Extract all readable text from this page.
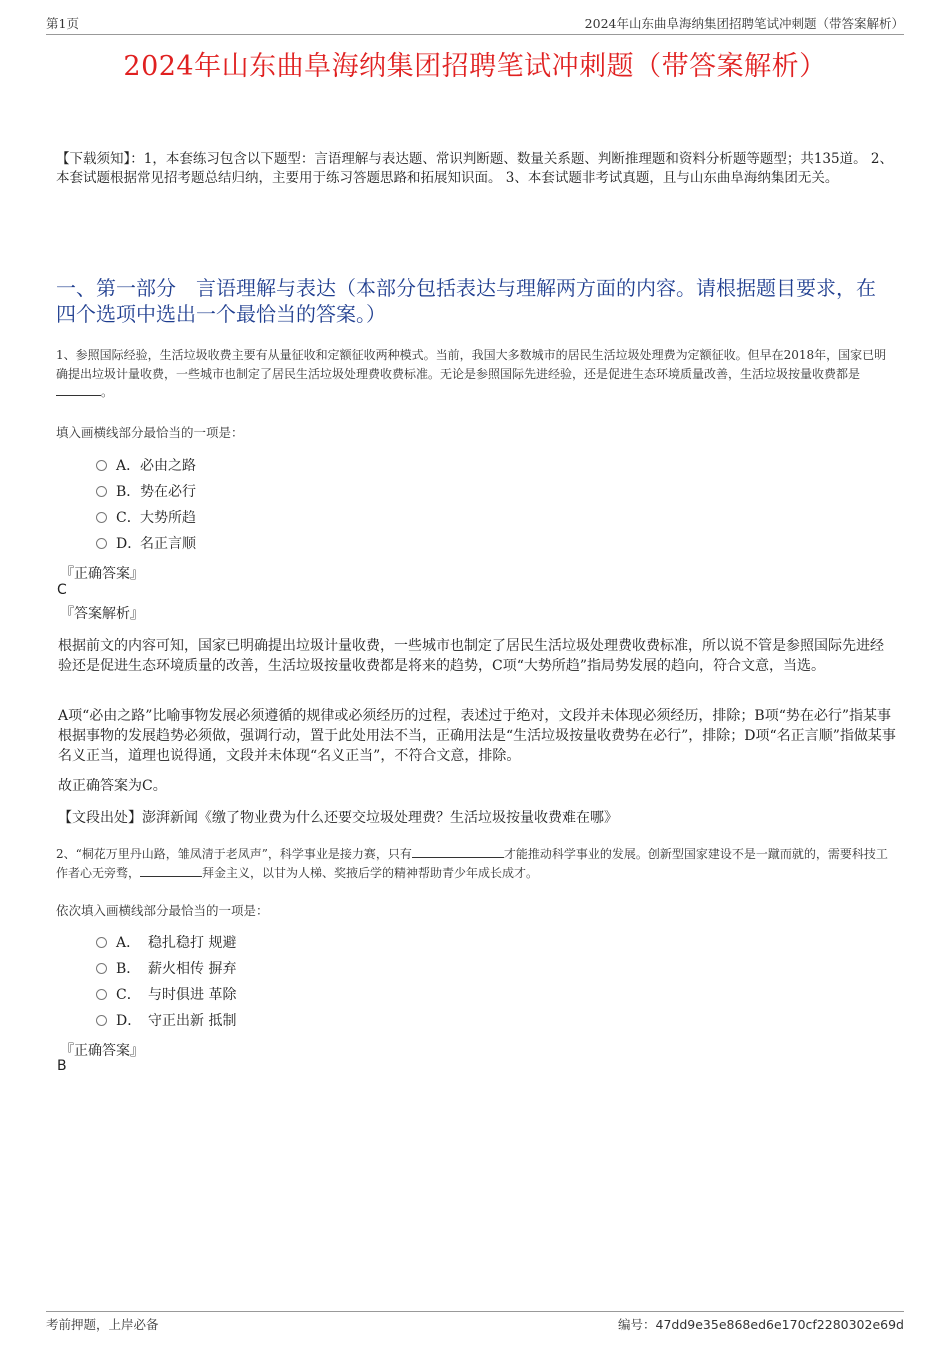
第1页	2024年山东曲阜海纳集团招聘笔试冲刺题（带答案解析）
2024年山东曲阜海纳集团招聘笔试冲刺题（带答案解析）
【下载须知】：1，本套练习包含以下题型：言语理解与表达题、常识判断题、数量关系题、判断推理题和资料分析题等题型；共135道。 2、本套试题根据常见招考题总结归纳，主要用于练习答题思路和拓展知识面。 3、本套试题非考试真题，且与山东曲阜海纳集团无关。
一、第一部分　言语理解与表达（本部分包括表达与理解两方面的内容。请根据题目要求，在四个选项中选出一个最恰当的答案。）
1、参照国际经验，生活垃圾收费主要有从量征收和定额征收两种模式。当前，我国大多数城市的居民生活垃圾处理费为定额征收。但早在2018年，国家已明确提出垃圾计量收费，一些城市也制定了居民生活垃圾处理费收费标准。无论是参照国际先进经验，还是促进生态环境质量改善，生活垃圾按量收费都是。
填入画横线部分最恰当的一项是：
A．必由之路
B．势在必行
C．大势所趋
D．名正言顺
『正确答案』
C
『答案解析』
根据前文的内容可知，国家已明确提出垃圾计量收费，一些城市也制定了居民生活垃圾处理费收费标准，所以说不管是参照国际先进经验还是促进生态环境质量的改善，生活垃圾按量收费都是将来的趋势，C项“大势所趋”指局势发展的趋向，符合文意，当选。
A项“必由之路”比喻事物发展必须遵循的规律或必须经历的过程，表述过于绝对，文段并未体现必须经历，排除；B项“势在必行”指某事根据事物的发展趋势必须做，强调行动，置于此处用法不当，正确用法是“生活垃圾按量收费势在必行”，排除；D项“名正言顺”指做某事名义正当，道理也说得通，文段并未体现“名义正当”，不符合文意，排除。
故正确答案为C。
【文段出处】澎湃新闻《缴了物业费为什么还要交垃圾处理费？生活垃圾按量收费难在哪》
2、“桐花万里丹山路，雏凤清于老凤声”，科学事业是接力赛，只有	才能推动科学事业的发展。创新型国家建设不是一蹴而就的，需要科技工作者心无旁骛，	拜金主义，以甘为人梯、奖掖后学的精神帮助青少年成长成才。
依次填入画横线部分最恰当的一项是：
A． 稳扎稳打 规避
B． 薪火相传 摒弃
C． 与时俱进 革除
D． 守正出新 抵制
『正确答案』
B
考前押题，上岸必备	编号：47dd9e35e868ed6e170cf2280302e69d
